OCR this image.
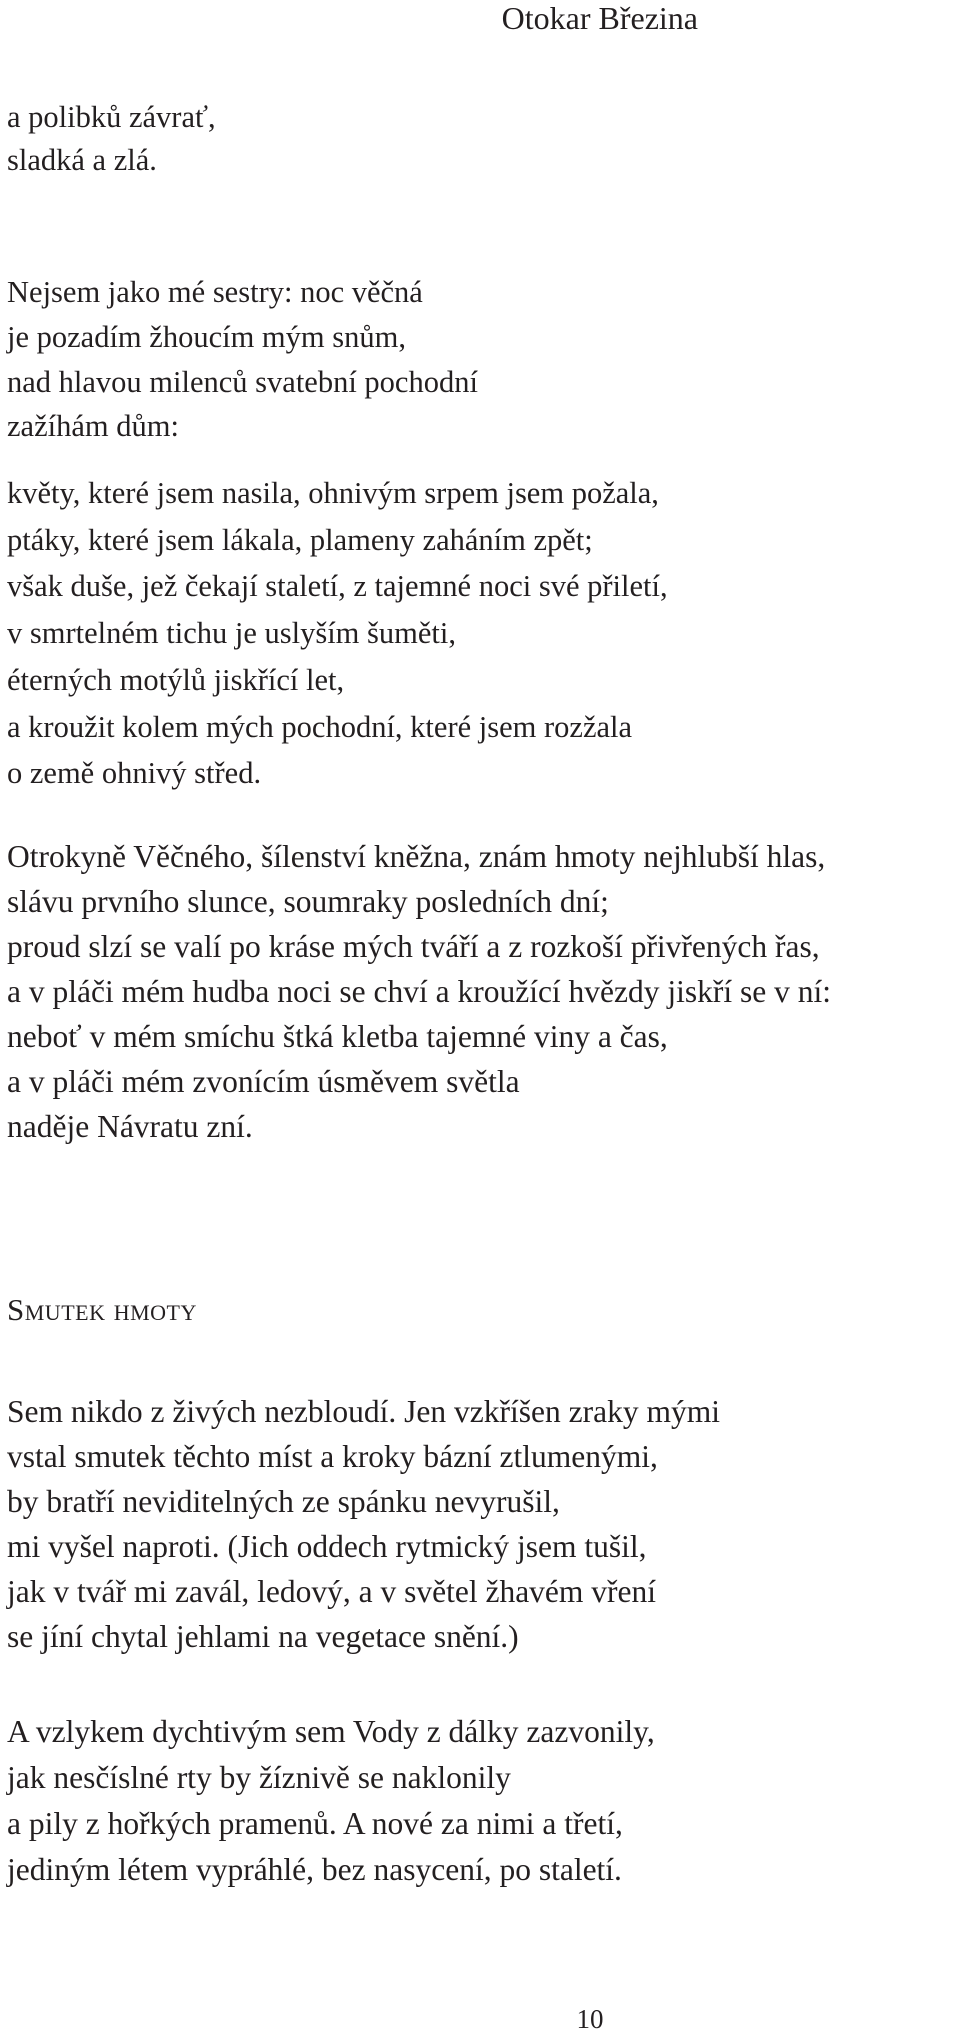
Otokar Březina
a polibků závrať,
sladká a zlá.
Nejsem jako mé sestry: noc věčná
je pozadím žhoucím mým snům,
nad hlavou milenců svatební pochodní
zažíhám dům:
květy, které jsem nasila, ohnivým srpem jsem požala,
ptáky, které jsem lákala, plameny zaháním zpět;
však duše, jež čekají staletí, z tajemné noci své přiletí,
v smrtelném tichu je uslyším šuměti,
éterných motýlů jiskřící let,
a kroužit kolem mých pochodní, které jsem rozžala
o země ohnivý střed.
Otrokyně Věčného, šílenství kněžna, znám hmoty nejhlubší hlas,
slávu prvního slunce, soumraky posledních dní;
proud slzí se valí po kráse mých tváří a z rozkoší přivřených řas,
a v pláči mém hudba noci se chví a kroužící hvězdy jiskří se v ní:
neboť v mém smíchu štká kletba tajemné viny a čas,
a v pláči mém zvonícím úsměvem světla
naděje Návratu zní.
Smutek hmoty
Sem nikdo z živých nezbloudí. Jen vzkříšen zraky mými
vstal smutek těchto míst a kroky bázní ztlumenými,
by bratří neviditelných ze spánku nevyrušil,
mi vyšel naproti. (Jich oddech rytmický jsem tušil,
jak v tvář mi zavál, ledový, a v světel žhavém vření
se jíní chytal jehlami na vegetace snění.)
A vzlykem dychtivým sem Vody z dálky zazvonily,
jak nesčíslné rty by žíznivě se naklonily
a pily z hořkých pramenů. A nové za nimi a třetí,
jediným létem vypráhlé, bez nasycení, po staletí.
10
